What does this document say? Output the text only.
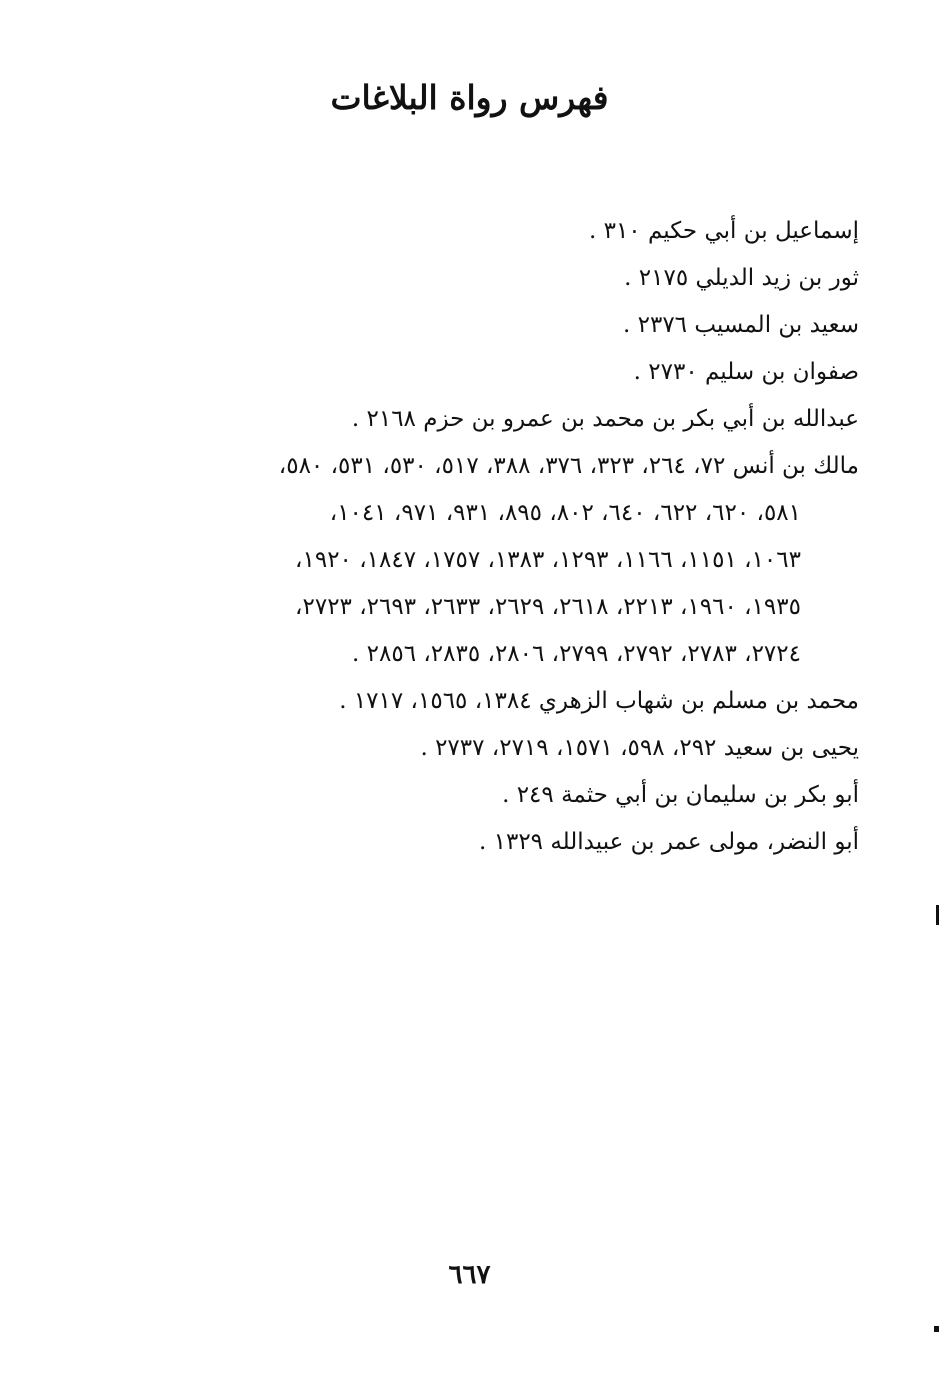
فهرس رواة البلاغات

إسماعيل بن أبي حكيم ٣١٠ .

ثور بن زيد الديلي ٢١٧٥ .

سعيد بن المسيب ٢٣٧٦ .

صفوان بن سليم ٢٧٣٠ .

عبدالله بن أبي بكر بن محمد بن عمرو بن حزم ٢١٦٨ .

مالك بن أنس ٧٢، ٢٦٤، ٣٢٣، ٣٧٦، ٣٨٨، ٥١٧، ٥٣٠، ٥٣١، ٥٨٠،

٥٨١، ٦٢٠، ٦٢٢، ٦٤٠، ٨٠٢، ٨٩٥، ٩٣١، ٩٧١، ١٠٤١،

١٠٦٣، ١١٥١، ١١٦٦، ١٢٩٣، ١٣٨٣، ١٧٥٧، ١٨٤٧، ١٩٢٠،

١٩٣٥، ١٩٦٠، ٢٢١٣، ٢٦١٨، ٢٦٢٩، ٢٦٣٣، ٢٦٩٣، ٢٧٢٣،

٢٧٢٤، ٢٧٨٣، ٢٧٩٢، ٢٧٩٩، ٢٨٠٦، ٢٨٣٥، ٢٨٥٦ .

محمد بن مسلم بن شهاب الزهري ١٣٨٤، ١٥٦٥، ١٧١٧ .

يحيى بن سعيد ٢٩٢، ٥٩٨، ١٥٧١، ٢٧١٩، ٢٧٣٧ .

أبو بكر بن سليمان بن أبي حثمة ٢٤٩ .

أبو النضر، مولى عمر بن عبيدالله ١٣٢٩ .

٦٦٧
